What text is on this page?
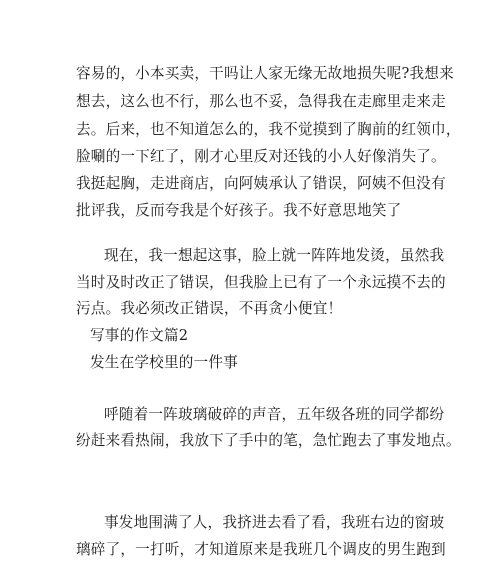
容易的，小本买卖，干吗让人家无缘无故地损失呢?我想来
想去，这么也不行，那么也不妥，急得我在走廊里走来走
去。后来，也不知道怎么的，我不觉摸到了胸前的红领巾，
脸唰的一下红了，刚才心里反对还钱的小人好像消失了。
我挺起胸，走进商店，向阿姨承认了错误，阿姨不但没有
批评我，反而夸我是个好孩子。我不好意思地笑了
现在，我一想起这事，脸上就一阵阵地发烫，虽然我
当时及时改正了错误，但我脸上已有了一个永远摸不去的
污点。我必须改正错误，不再贪小便宜！
写事的作文篇2
发生在学校里的一件事
呼随着一阵玻璃破碎的声音，五年级各班的同学都纷
纷赶来看热闹，我放下了手中的笔，急忙跑去了事发地点。
事发地围满了人，我挤进去看了看，我班右边的窗玻
璃碎了，一打听，才知道原来是我班几个调皮的男生跑到
